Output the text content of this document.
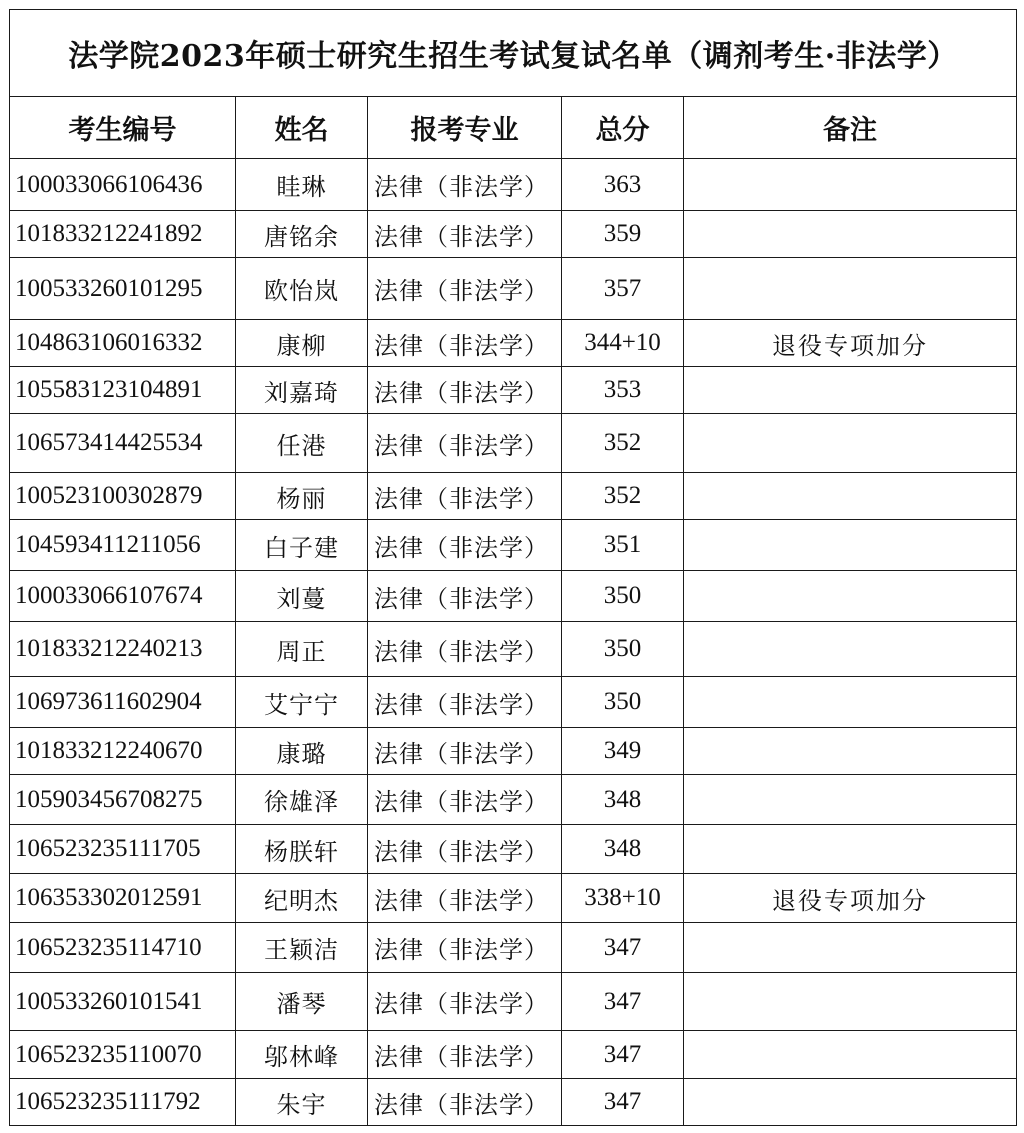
法学院2023年硕士研究生招生考试复试名单（调剂考生·非法学）				
考生编号	姓名	报考专业	总分	备注
100033066106436	眭琳	法律（非法学）	363	
101833212241892	唐铭余	法律（非法学）	359	
100533260101295	欧怡岚	法律（非法学）	357	
104863106016332	康柳	法律（非法学）	344+10	退役专项加分
105583123104891	刘嘉琦	法律（非法学）	353	
106573414425534	任港	法律（非法学）	352	
100523100302879	杨丽	法律（非法学）	352	
104593411211056	白子建	法律（非法学）	351	
100033066107674	刘蔓	法律（非法学）	350	
101833212240213	周正	法律（非法学）	350	
106973611602904	艾宁宁	法律（非法学）	350	
101833212240670	康璐	法律（非法学）	349	
105903456708275	徐雄泽	法律（非法学）	348	
106523235111705	杨朕轩	法律（非法学）	348	
106353302012591	纪明杰	法律（非法学）	338+10	退役专项加分
106523235114710	王颖洁	法律（非法学）	347	
100533260101541	潘琴	法律（非法学）	347	
106523235110070	邬林峰	法律（非法学）	347	
106523235111792	朱宇	法律（非法学）	347	
